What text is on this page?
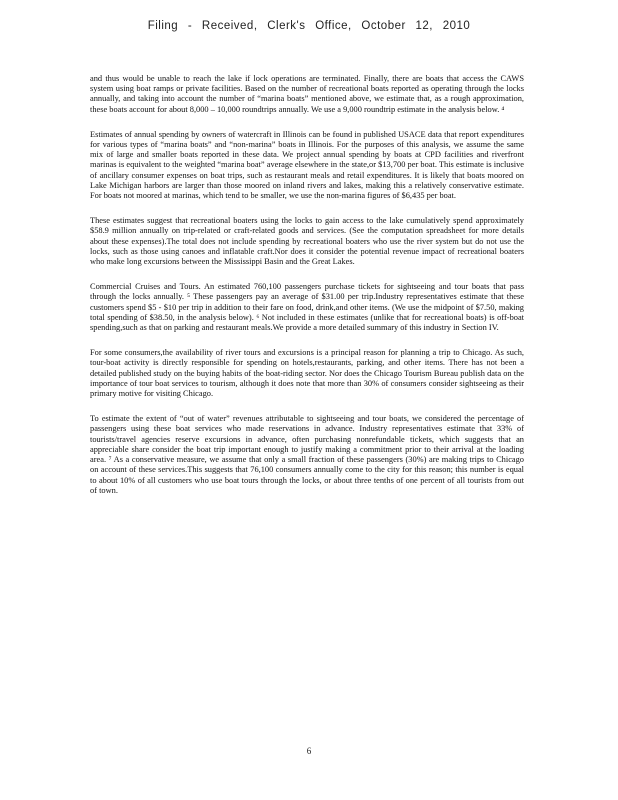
Filing - Received, Clerk's Office, October 12, 2010

and thus would be unable to reach the lake if lock operations are terminated. Finally, there are boats that access the CAWS system using boat ramps or private facilities. Based on the number of recreational boats reported as operating through the locks annually, and taking into account the number of “marina boats” mentioned above, we estimate that, as a rough approximation, these boats account for about 8,000 – 10,000 roundtrips annually. We use a 9,000 roundtrip estimate in the analysis below. ⁴

Estimates of annual spending by owners of watercraft in Illinois can be found in published USACE data that report expenditures for various types of “marina boats” and “non-marina” boats in Illinois. For the purposes of this analysis, we assume the same mix of large and smaller boats reported in these data. We project annual spending by boats at CPD facilities and riverfront marinas is equivalent to the weighted “marina boat” average elsewhere in the state,or $13,700 per boat. This estimate is inclusive of ancillary consumer expenses on boat trips, such as restaurant meals and retail expenditures. It is likely that boats moored on Lake Michigan harbors are larger than those moored on inland rivers and lakes, making this a relatively conservative estimate. For boats not moored at marinas, which tend to be smaller, we use the non-marina figures of $6,435 per boat.

These estimates suggest that recreational boaters using the locks to gain access to the lake cumulatively spend approximately $58.9 million annually on trip-related or craft-related goods and services. (See the computation spreadsheet for more details about these expenses).The total does not include spending by recreational boaters who use the river system but do not use the locks, such as those using canoes and inflatable craft.Nor does it consider the potential revenue impact of recreational boaters who make long excursions between the Mississippi Basin and the Great Lakes.

Commercial Cruises and Tours. An estimated 760,100 passengers purchase tickets for sightseeing and tour boats that pass through the locks annually. ⁵ These passengers pay an average of $31.00 per trip.Industry representatives estimate that these customers spend $5 - $10 per trip in addition to their fare on food, drink,and other items. (We use the midpoint of $7.50, making total spending of $38.50, in the analysis below). ⁶ Not included in these estimates (unlike that for recreational boats) is off-boat spending,such as that on parking and restaurant meals.We provide a more detailed summary of this industry in Section IV.

For some consumers,the availability of river tours and excursions is a principal reason for planning a trip to Chicago. As such, tour-boat activity is directly responsible for spending on hotels,restaurants, parking, and other items. There has not been a detailed published study on the buying habits of the boat-riding sector. Nor does the Chicago Tourism Bureau publish data on the importance of tour boat services to tourism, although it does note that more than 30% of consumers consider sightseeing as their primary motive for visiting Chicago.

To estimate the extent of “out of water” revenues attributable to sightseeing and tour boats, we considered the percentage of passengers using these boat services who made reservations in advance. Industry representatives estimate that 33% of tourists/travel agencies reserve excursions in advance, often purchasing nonrefundable tickets, which suggests that an appreciable share consider the boat trip important enough to justify making a commitment prior to their arrival at the loading area. ⁷ As a conservative measure, we assume that only a small fraction of these passengers (30%) are making trips to Chicago on account of these services.This suggests that 76,100 consumers annually come to the city for this reason; this number is equal to about 10% of all customers who use boat tours through the locks, or about three tenths of one percent of all tourists from out of town.

6
